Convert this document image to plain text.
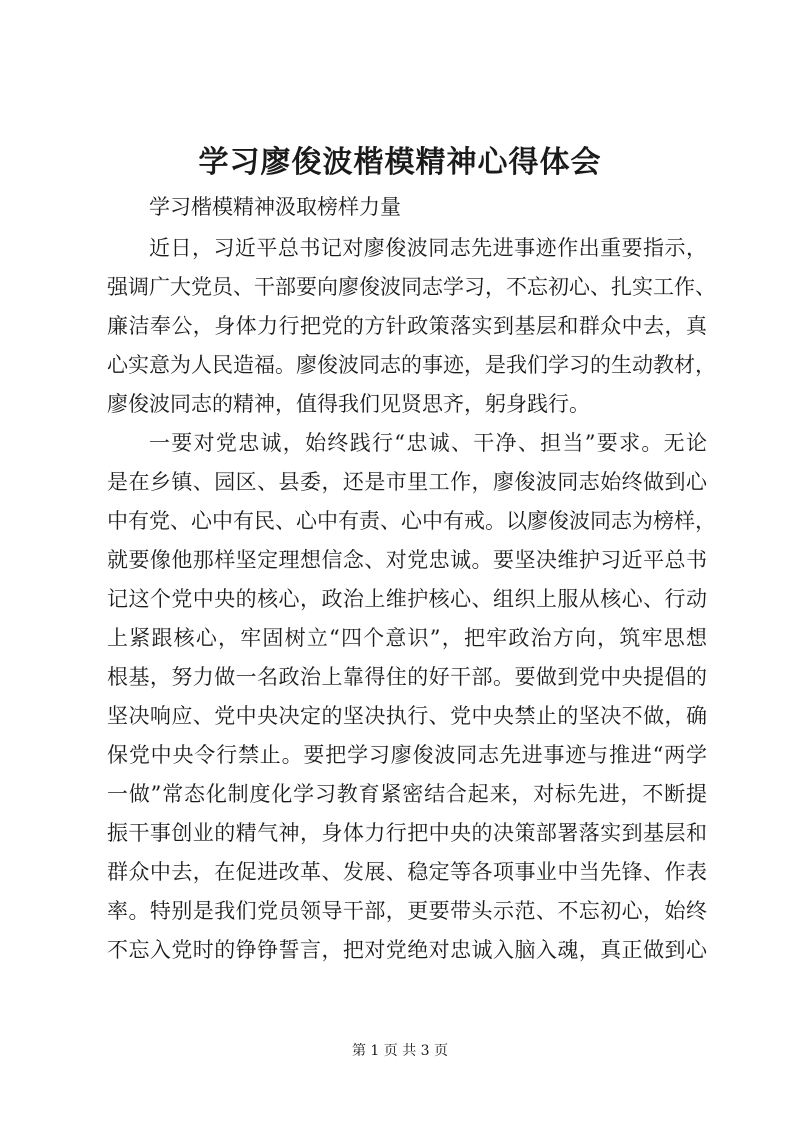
学习廖俊波楷模精神心得体会
学习楷模精神汲取榜样力量
近日，习近平总书记对廖俊波同志先进事迹作出重要指示，
强调广大党员、干部要向廖俊波同志学习，不忘初心、扎实工作、
廉洁奉公，身体力行把党的方针政策落实到基层和群众中去，真
心实意为人民造福。廖俊波同志的事迹，是我们学习的生动教材，
廖俊波同志的精神，值得我们见贤思齐，躬身践行。
一要对党忠诚，始终践行“忠诚、干净、担当”要求。无论
是在乡镇、园区、县委，还是市里工作，廖俊波同志始终做到心
中有党、心中有民、心中有责、心中有戒。以廖俊波同志为榜样，
就要像他那样坚定理想信念、对党忠诚。要坚决维护习近平总书
记这个党中央的核心，政治上维护核心、组织上服从核心、行动
上紧跟核心，牢固树立“四个意识”，把牢政治方向，筑牢思想
根基，努力做一名政治上靠得住的好干部。要做到党中央提倡的
坚决响应、党中央决定的坚决执行、党中央禁止的坚决不做，确
保党中央令行禁止。要把学习廖俊波同志先进事迹与推进“两学
一做”常态化制度化学习教育紧密结合起来，对标先进，不断提
振干事创业的精气神，身体力行把中央的决策部署落实到基层和
群众中去，在促进改革、发展、稳定等各项事业中当先锋、作表
率。特别是我们党员领导干部，更要带头示范、不忘初心，始终
不忘入党时的铮铮誓言，把对党绝对忠诚入脑入魂，真正做到心
第 1 页 共 3 页
